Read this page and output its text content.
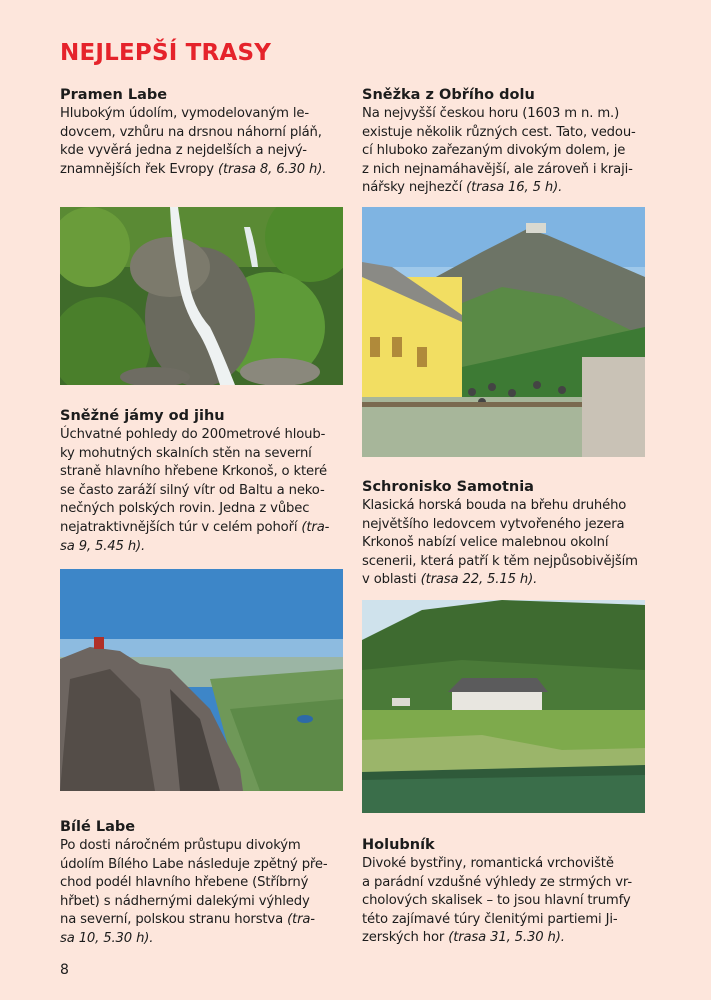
NEJLEPŠÍ TRASY
Pramen Labe

Hlubokým údolím, vymodelovaným le-
dovcem, vzhůru na drsnou náhorní pláň,
kde vyvěrá jedna z nejdelších a nejvý-
znamnějších řek Evropy (trasa 8, 6.30 h).

Sněžka z Obřího dolu

Na nejvyšší českou horu (1603 m n. m.)
existuje několik různých cest. Tato, vedou-
cí hluboko zařezaným divokým dolem, je
z nich nejnamáhavější, ale zároveň i kraji-
nářsky nejhezčí (trasa 16, 5 h).

Sněžné jámy od jihu

Úchvatné pohledy do 200metrové hloub-
ky mohutných skalních stěn na severní
straně hlavního hřebene Krkonoš, o které
se často zaráží silný vítr od Baltu a neko-
nečných polských rovin. Jedna z vůbec
nejatraktivnějších túr v celém pohoří (tra-
sa 9, 5.45 h).

Schronisko Samotnia

Klasická horská bouda na břehu druhého
největšího ledovcem vytvořeného jezera
Krkonoš nabízí velice malebnou okolní
scenerii, která patří k těm nejpůsobivějším
v oblasti (trasa 22, 5.15 h).

Bílé Labe

Po dosti náročném průstupu divokým
údolím Bílého Labe následuje zpětný pře-
chod podél hlavního hřebene (Stříbrný
hřbet) s nádhernými dalekými výhledy
na severní, polskou stranu horstva (tra-
sa 10, 5.30 h).

Holubník

Divoké bystřiny, romantická vrchoviště
a parádní vzdušné výhledy ze strmých vr-
cholových skalisek – to jsou hlavní trumfy
této zajímavé túry členitými partiemi Ji-
zerských hor (trasa 31, 5.30 h).

8
